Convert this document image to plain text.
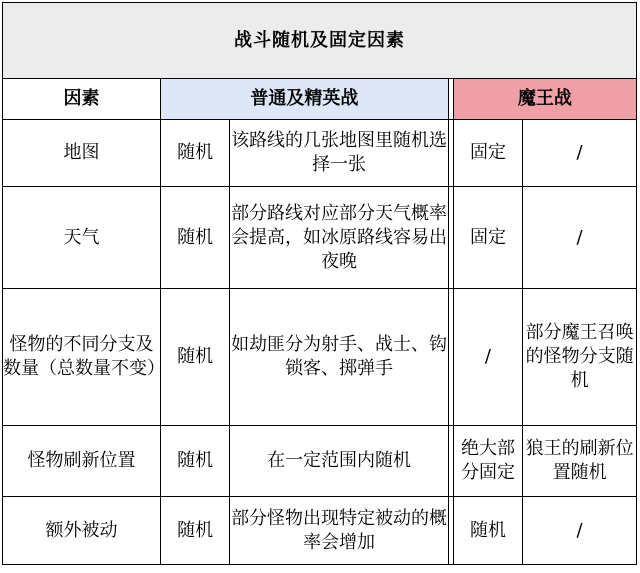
战斗随机及固定因素					
因素	普通及精英战			魔王战	
地图	随机	该路线的几张地图里随机选择一张		固定	/
天气	随机	部分路线对应部分天气概率会提高，如冰原路线容易出夜晚		固定	/
怪物的不同分支及数量（总数量不变）	随机	如劫匪分为射手、战士、钩锁客、掷弹手		/	部分魔王召唤的怪物分支随机
怪物刷新位置	随机	在一定范围内随机		绝大部分固定	狼王的刷新位置随机
额外被动	随机	部分怪物出现特定被动的概率会增加		随机	/
